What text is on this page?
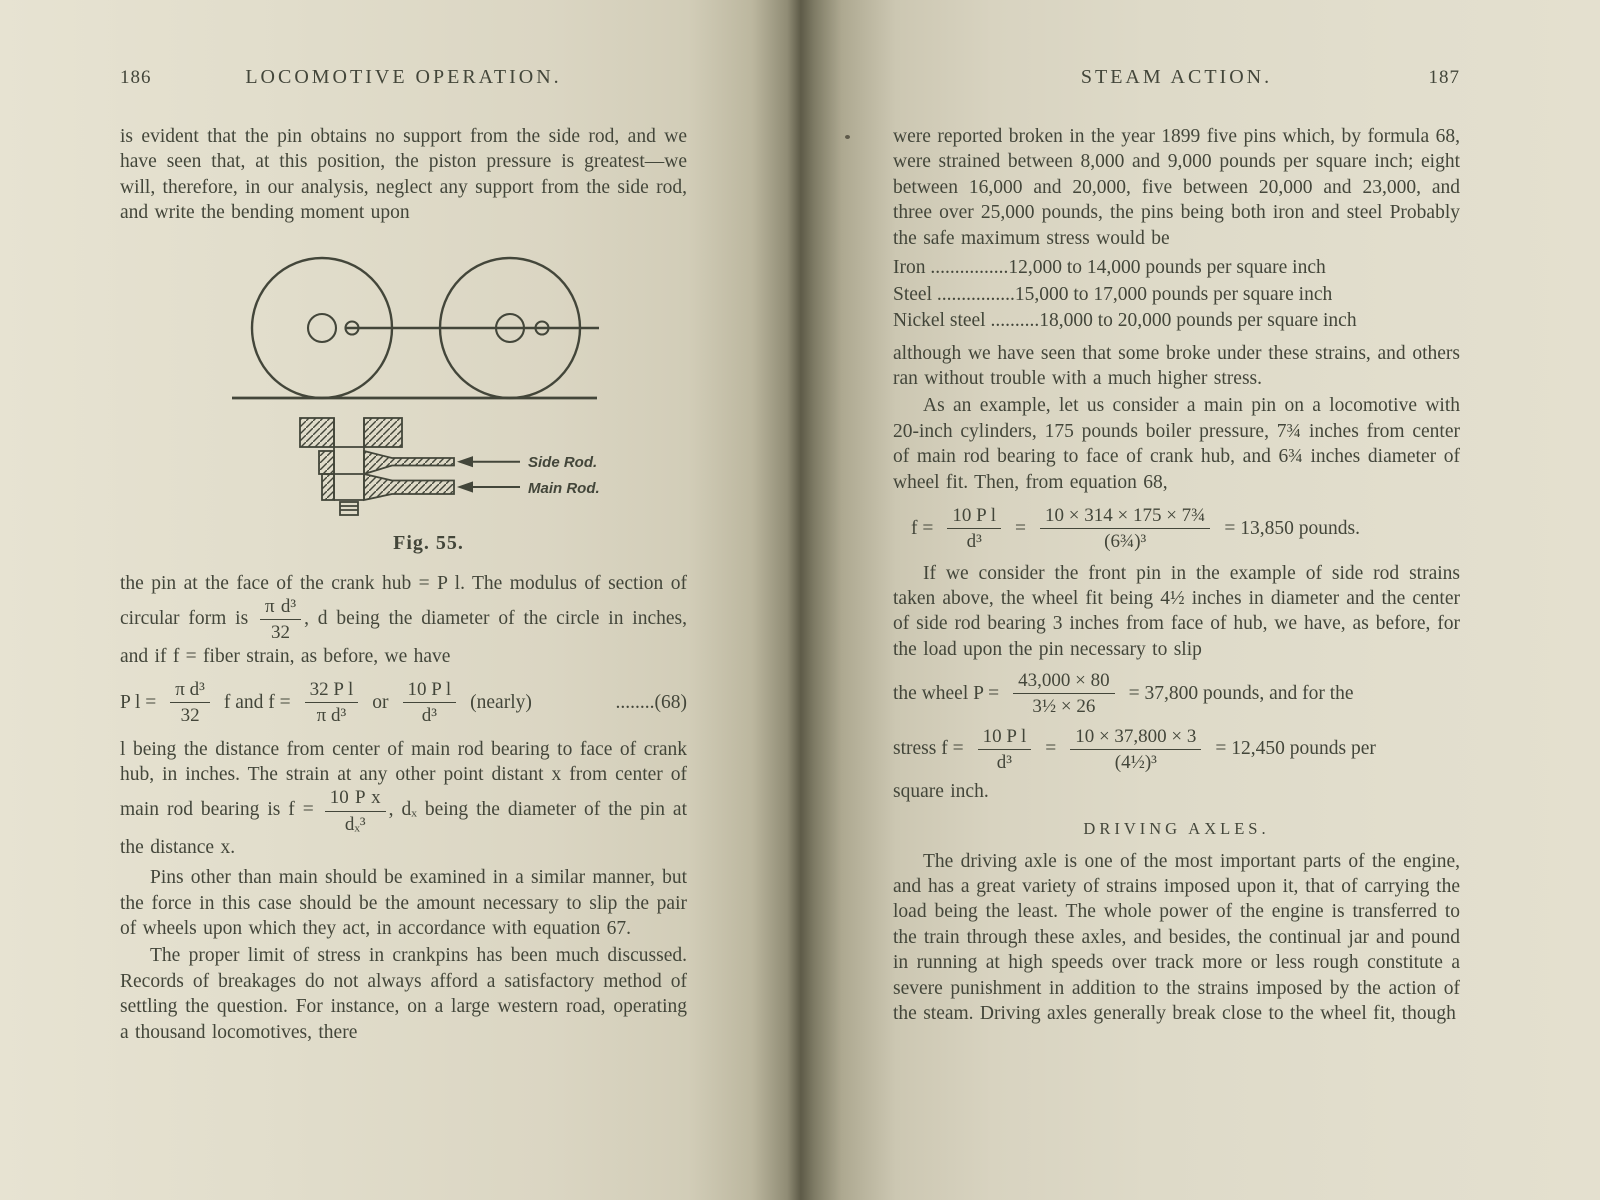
186	LOCOMOTIVE OPERATION.

is evident that the pin obtains no support from the side rod, and we have seen that, at this position, the piston pressure is greatest—we will, therefore, in our analysis, neglect any support from the side rod, and write the bending moment upon

Side Rod.
Main Rod.
Fig. 55.

the pin at the face of the crank hub = P l. The modulus of section of circular form is $\frac{\text{π d³}}{32}$ , d being the diameter of the circle in inches, and if f = fiber strain, as before, we have

P $l = \frac{\text{π d³}}{32}$ f and $f = \frac{\text{32 P l}}{\text{π d³}}$ or $\frac{\text{10 P l}}{\text{d³}}$ (nearly)	........(68)

l being the distance from center of main rod bearing to face of crank hub, in inches. The strain at any other point distant x from center of main rod bearing is $f = \frac{\text{10 P x}}{\text{dₓ³}}$ , dₓ being the diameter of the pin at the distance x.

Pins other than main should be examined in a similar manner, but the force in this case should be the amount necessary to slip the pair of wheels upon which they act, in accordance with equation 67.

The proper limit of stress in crankpins has been much discussed. Records of breakages do not always afford a satisfactory method of settling the question. For instance, on a large western road, operating a thousand locomotives, there

STEAM ACTION.	187

were reported broken in the year 1899 five pins which, by formula 68, were strained between 8,000 and 9,000 pounds per square inch; eight between 16,000 and 20,000, five between 20,000 and 23,000, and three over 25,000 pounds, the pins being both iron and steel Probably the safe maximum stress would be

Iron ................12,000 to 14,000 pounds per square inch
Steel ................15,000 to 17,000 pounds per square inch
Nickel steel ..........18,000 to 20,000 pounds per square inch

although we have seen that some broke under these strains, and others ran without trouble with a much higher stress.

As an example, let us consider a main pin on a locomotive with 20-inch cylinders, 175 pounds boiler pressure, 7¾ inches from center of main rod bearing to face of crank hub, and 6¾ inches diameter of wheel fit. Then, from equation 68,

$f = \frac{\text{10 P l}}{\text{d³}} = \frac{\text{10 × 314 × 175 × 7¾}}{\text{(6¾)³}} = 13,850$ pounds.

If we consider the front pin in the example of side rod strains taken above, the wheel fit being 4½ inches in diameter and the center of side rod bearing 3 inches from face of hub, we have, as before, for the load upon the pin necessary to slip

the wheel $P = \frac{43,000 \times 80}{\text{3½ × 26}} = 37,800$ pounds, and for the
stress $f = \frac{\text{10 P l}}{\text{d³}} = \frac{10 \times 37,800 \times 3}{\text{(4½)³}} = 12,450$ pounds per

square inch.

DRIVING AXLES.

The driving axle is one of the most important parts of the engine, and has a great variety of strains imposed upon it, that of carrying the load being the least. The whole power of the engine is transferred to the train through these axles, and besides, the continual jar and pound in running at high speeds over track more or less rough constitute a severe punishment in addition to the strains imposed by the action of the steam. Driving axles generally break close to the wheel fit, though
